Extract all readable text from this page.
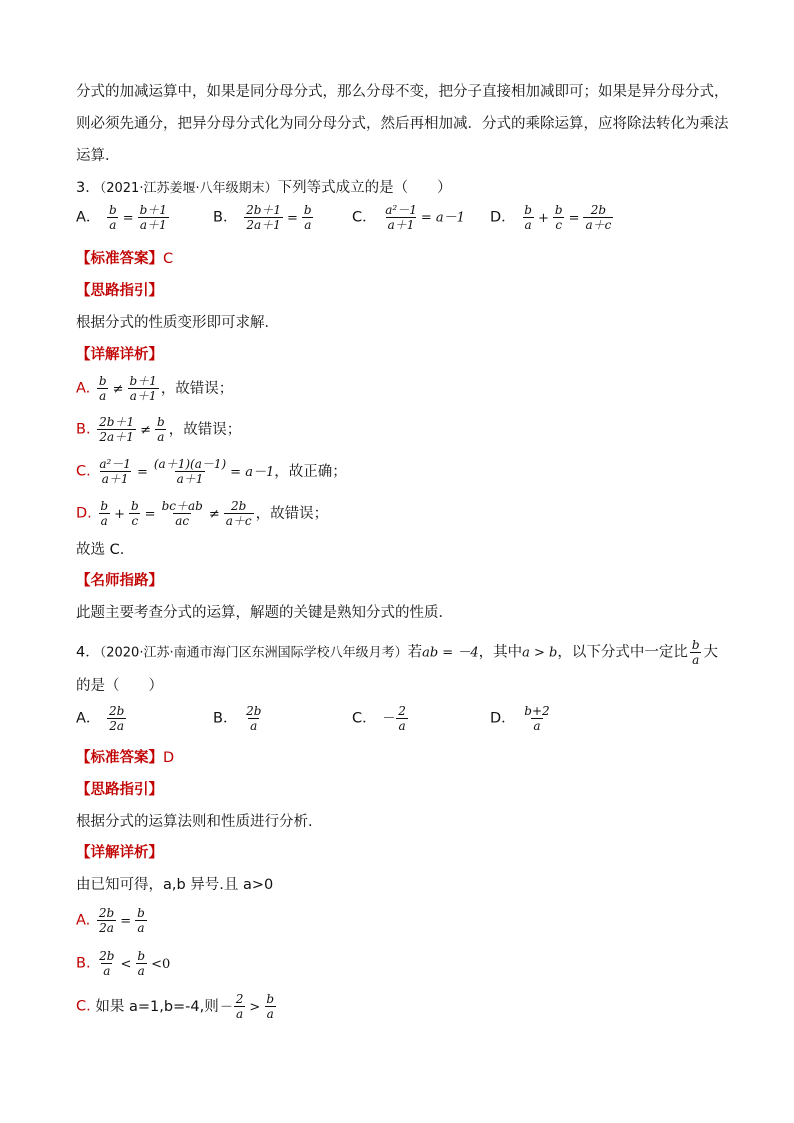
分式的加减运算中，如果是同分母分式，那么分母不变，把分子直接相加减即可；如果是异分母分式，
则必须先通分，把异分母分式化为同分母分式，然后再相加减．分式的乘除运算，应将除法转化为乘法
运算．
3．（2021·江苏姜堰·八年级期末）下列等式成立的是（　　）
A． $\frac{b}{a} = \frac{b+1}{a+1}$	B． $\frac{2b+1}{2a+1} = \frac{b}{a}$	C． $\frac{\text{a²－1}}{a+1} = a-1$ D． $\frac{b}{a} + \frac{b}{c} = \frac{2b}{a+c}$
【标准答案】C
【思路指引】
根据分式的性质变形即可求解．
【详解详析】
A. $\frac{b}{a} \ne \frac{b+1}{a+1}$ ，故错误；
B. $\frac{2b+1}{2a+1} \ne \frac{b}{a}$ ，故错误；
C. $\frac{\text{a²－1}}{a+1} = \frac{(a+1)(a-1)}{a+1} = a-1$，故正确；
D. $\frac{b}{a} + \frac{b}{c} = \frac{bc+ab}{ac} \ne \frac{2b}{a+c}$ ，故错误；
故选 C．
【名师指路】
此题主要考查分式的运算，解题的关键是熟知分式的性质．
4．（2020·江苏·南通市海门区东洲国际学校八年级月考）若ab = －4，其中a > b，以下分式中一定比 $\frac{b}{a}$ 大
的是（　　）
A． $\frac{2b}{2a}$	B． $\frac{2b}{a}$	C． － $\frac{2}{a}$	D． $\frac{b+2}{a}$
【标准答案】D
【思路指引】
根据分式的运算法则和性质进行分析.
【详解详析】
由已知可得，a,b 异号.且 a>0
A. $\frac{2b}{2a} = \frac{b}{a}$
B. $\frac{2b}{a} < \frac{b}{a} <0$
C. 如果 a=1,b=-4,则－ $\frac{2}{a} > \frac{b}{a}$
